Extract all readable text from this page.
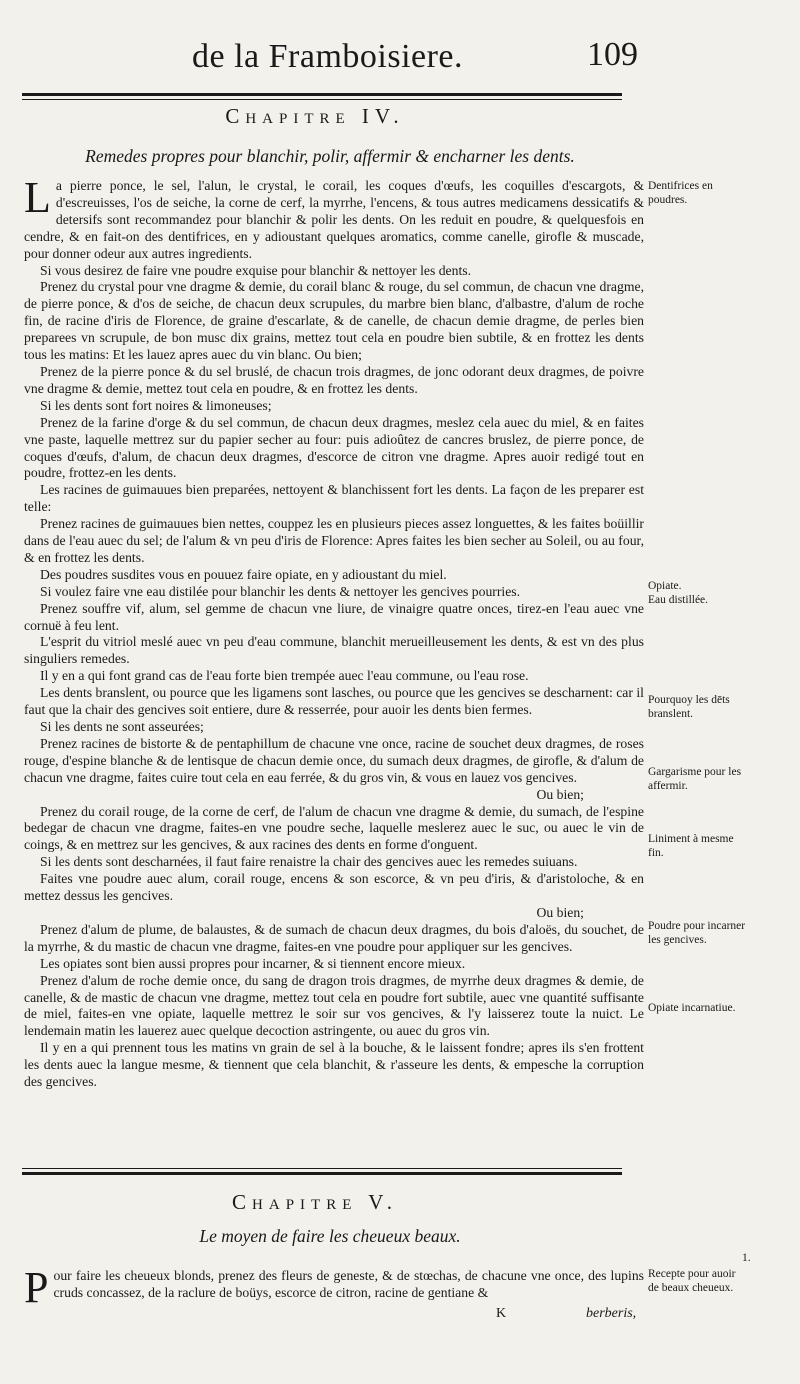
de la Framboisiere.	109
Chapitre IV.
Remedes propres pour blanchir, polir, affermir & encharner les dents.

La pierre ponce, le sel, l'alun, le crystal, le corail, les coques d'œufs, les coquilles d'escargots, & d'escreuisses, l'os de seiche, la corne de cerf, la myrrhe, l'encens, & tous autres medicamens dessicatifs & detersifs sont recommandez pour blanchir & polir les dents. On les reduit en poudre, & quelquesfois en cendre, & en fait-on des dentifrices, en y adioustant quelques aromatics, comme canelle, girofle & muscade, pour donner odeur aux autres ingredients.

Si vous desirez de faire vne poudre exquise pour blanchir & nettoyer les dents.

Prenez du crystal pour vne dragme & demie, du corail blanc & rouge, du sel commun, de chacun vne dragme, de pierre ponce, & d'os de seiche, de chacun deux scrupules, du marbre bien blanc, d'albastre, d'alum de roche fin, de racine d'iris de Florence, de graine d'escarlate, & de canelle, de chacun demie dragme, de perles bien preparees vn scrupule, de bon musc dix grains, mettez tout cela en poudre bien subtile, & en frottez les dents tous les matins: Et les lauez apres auec du vin blanc. Ou bien;

Prenez de la pierre ponce & du sel bruslé, de chacun trois dragmes, de jonc odorant deux dragmes, de poivre vne dragme & demie, mettez tout cela en poudre, & en frottez les dents.

Si les dents sont fort noires & limoneuses;

Prenez de la farine d'orge & du sel commun, de chacun deux dragmes, meslez cela auec du miel, & en faites vne paste, laquelle mettrez sur du papier secher au four: puis adioûtez de cancres bruslez, de pierre ponce, de coques d'œufs, d'alum, de chacun deux dragmes, d'escorce de citron vne dragme. Apres auoir redigé tout en poudre, frottez-en les dents.

Les racines de guimauues bien preparées, nettoyent & blanchissent fort les dents. La façon de les preparer est telle:

Prenez racines de guimauues bien nettes, couppez les en plusieurs pieces assez longuettes, & les faites boüillir dans de l'eau auec du sel; de l'alum & vn peu d'iris de Florence: Apres faites les bien secher au Soleil, ou au four, & en frottez les dents.

Des poudres susdites vous en pouuez faire opiate, en y adioustant du miel.

Si voulez faire vne eau distilée pour blanchir les dents & nettoyer les gencives pourries.

Prenez souffre vif, alum, sel gemme de chacun vne liure, de vinaigre quatre onces, tirez-en l'eau auec vne cornuë à feu lent.

L'esprit du vitriol meslé auec vn peu d'eau commune, blanchit merueilleusement les dents, & est vn des plus singuliers remedes.

Il y en a qui font grand cas de l'eau forte bien trempée auec l'eau commune, ou l'eau rose.

Les dents branslent, ou pource que les ligamens sont lasches, ou pource que les gencives se descharnent: car il faut que la chair des gencives soit entiere, dure & resserrée, pour auoir les dents bien fermes.

Si les dents ne sont asseurées;

Prenez racines de bistorte & de pentaphillum de chacune vne once, racine de souchet deux dragmes, de roses rouge, d'espine blanche & de lentisque de chacun demie once, du sumach deux dragmes, de girofle, & d'alum de chacun vne dragme, faites cuire tout cela en eau ferrée, & du gros vin, & vous en lauez vos gencives.

Ou bien;

Prenez du corail rouge, de la corne de cerf, de l'alum de chacun vne dragme & demie, du sumach, de l'espine bedegar de chacun vne dragme, faites-en vne poudre seche, laquelle meslerez auec le suc, ou auec le vin de coings, & en mettrez sur les gencives, & aux racines des dents en forme d'onguent.

Si les dents sont descharnées, il faut faire renaistre la chair des gencives auec les remedes suiuans.

Faites vne poudre auec alum, corail rouge, encens & son escorce, & vn peu d'iris, & d'aristoloche, & en mettez dessus les gencives.

Ou bien;

Prenez d'alum de plume, de balaustes, & de sumach de chacun deux dragmes, du bois d'aloës, du souchet, de la myrrhe, & du mastic de chacun vne dragme, faites-en vne poudre pour appliquer sur les gencives.

Les opiates sont bien aussi propres pour incarner, & si tiennent encore mieux.

Prenez d'alum de roche demie once, du sang de dragon trois dragmes, de myrrhe deux dragmes & demie, de canelle, & de mastic de chacun vne dragme, mettez tout cela en poudre fort subtile, auec vne quantité suffisante de miel, faites-en vne opiate, laquelle mettrez le soir sur vos gencives, & l'y laisserez toute la nuict. Le lendemain matin les lauerez auec quelque decoction astringente, ou auec du gros vin.

Il y en a qui prennent tous les matins vn grain de sel à la bouche, & le laissent fondre; apres ils s'en frottent les dents auec la langue mesme, & tiennent que cela blanchit, & r'asseure les dents, & empesche la corruption des gencives.

Dentifrices en poudres.
Opiate.
Eau distillée.
Pourquoy les dēts branslent.
Gargarisme pour les affermir.
Liniment à mesme fin.
Poudre pour incarner les gencives.
Opiate incarnatiue.
1.
Recepte pour auoir de beaux cheueux.
Chapitre V.
Le moyen de faire les cheueux beaux.

Pour faire les cheueux blonds, prenez des fleurs de geneste, & de stœchas, de chacune vne once, des lupins cruds concassez, de la raclure de boüys, escorce de citron, racine de gentiane &

K	berberis,
